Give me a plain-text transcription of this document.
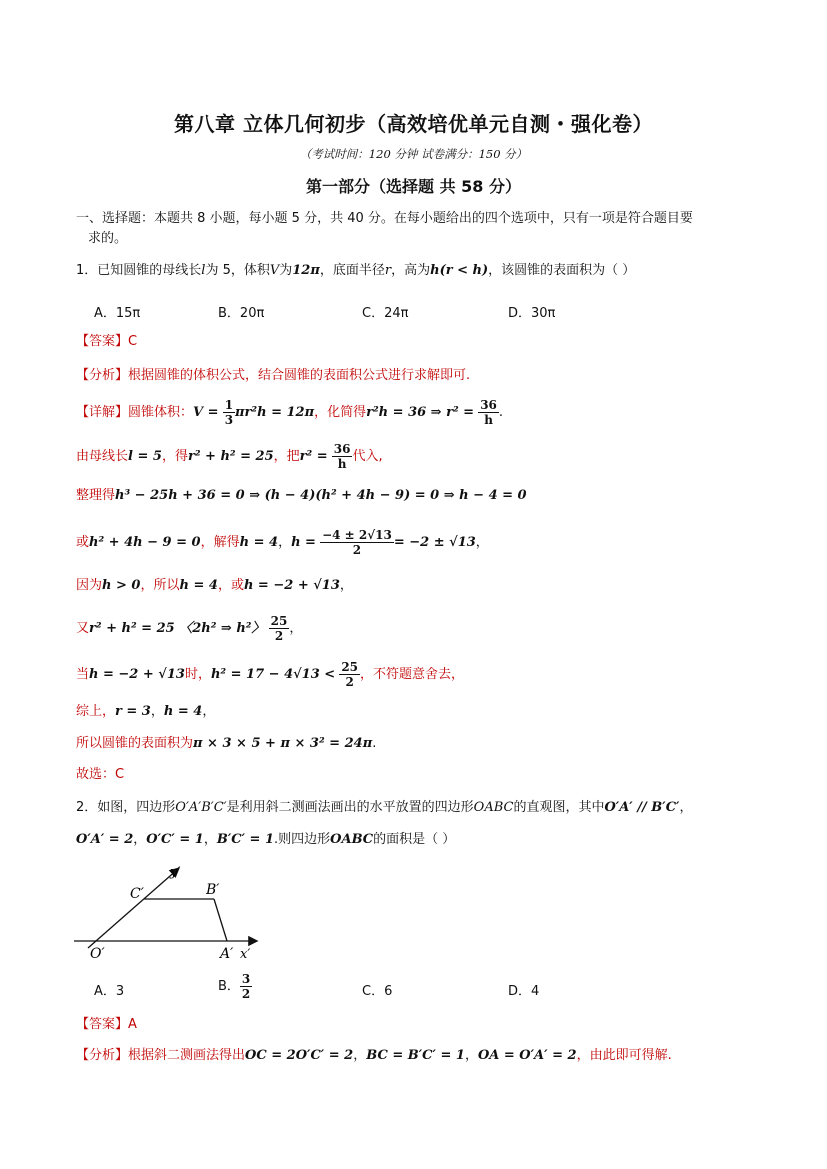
第八章 立体几何初步（高效培优单元自测・强化卷）
（考试时间：120 分钟 试卷满分：150 分）
第一部分（选择题 共 58 分）
一、选择题：本题共 8 小题，每小题 5 分，共 40 分。在每小题给出的四个选项中，只有一项是符合题目要
求的。
1．已知圆锥的母线长l为 5，体积V为12π，底面半径r，高为h(r < h)，该圆锥的表面积为（ ）
A．15π	B．20π	C．24π	D．30π
【答案】C
【分析】根据圆锥的体积公式，结合圆锥的表面积公式进行求解即可.
【详解】圆锥体积：$V = \frac{1}{3} \pi r^2h = 12\pi$，化简得r²h = 36 ⇒ $r^2 = \frac{36}{h}$ .
由母线长l = 5，得r² + h² = 25，把$r^2 = \frac{36}{h}$ 代入,
整理得h³ − 25h + 36 = 0 ⇒ (h − 4)(h² + 4h − 9) = 0 ⇒ h − 4 = 0
或h² + 4h − 9 = 0，解得h = 4，$h = \frac{-4 \pm 2√13}{2} = -2 \pm √13$，
因为h > 0，所以h = 4，或h = −2 + √13，
又r² + h² = 25 〈2h² ⇒ h²〉 $\frac{25}{2}$ ，
当h = −2 + √13时，$h^2 = 17 - 4√13 < \frac{25}{2}$ ，不符题意舍去，
综上，r = 3，h = 4，
所以圆锥的表面积为π × 3 × 5 + π × 3² = 24π.
故选：C
2．如图，四边形O′A′B′C′是利用斜二测画法画出的水平放置的四边形OABC的直观图，其中O′A′ // B′C′，
O′A′ = 2，O′C′ = 1，B′C′ = 1.则四边形OABC的面积是（ ）
y′
C′	B′
O′	A′ x′
A．3	B． $\frac{3}{2}$	C．6	D．4
【答案】A
【分析】根据斜二测画法得出OC = 2O′C′ = 2，BC = B′C′ = 1，OA = O′A′ = 2，由此即可得解.
